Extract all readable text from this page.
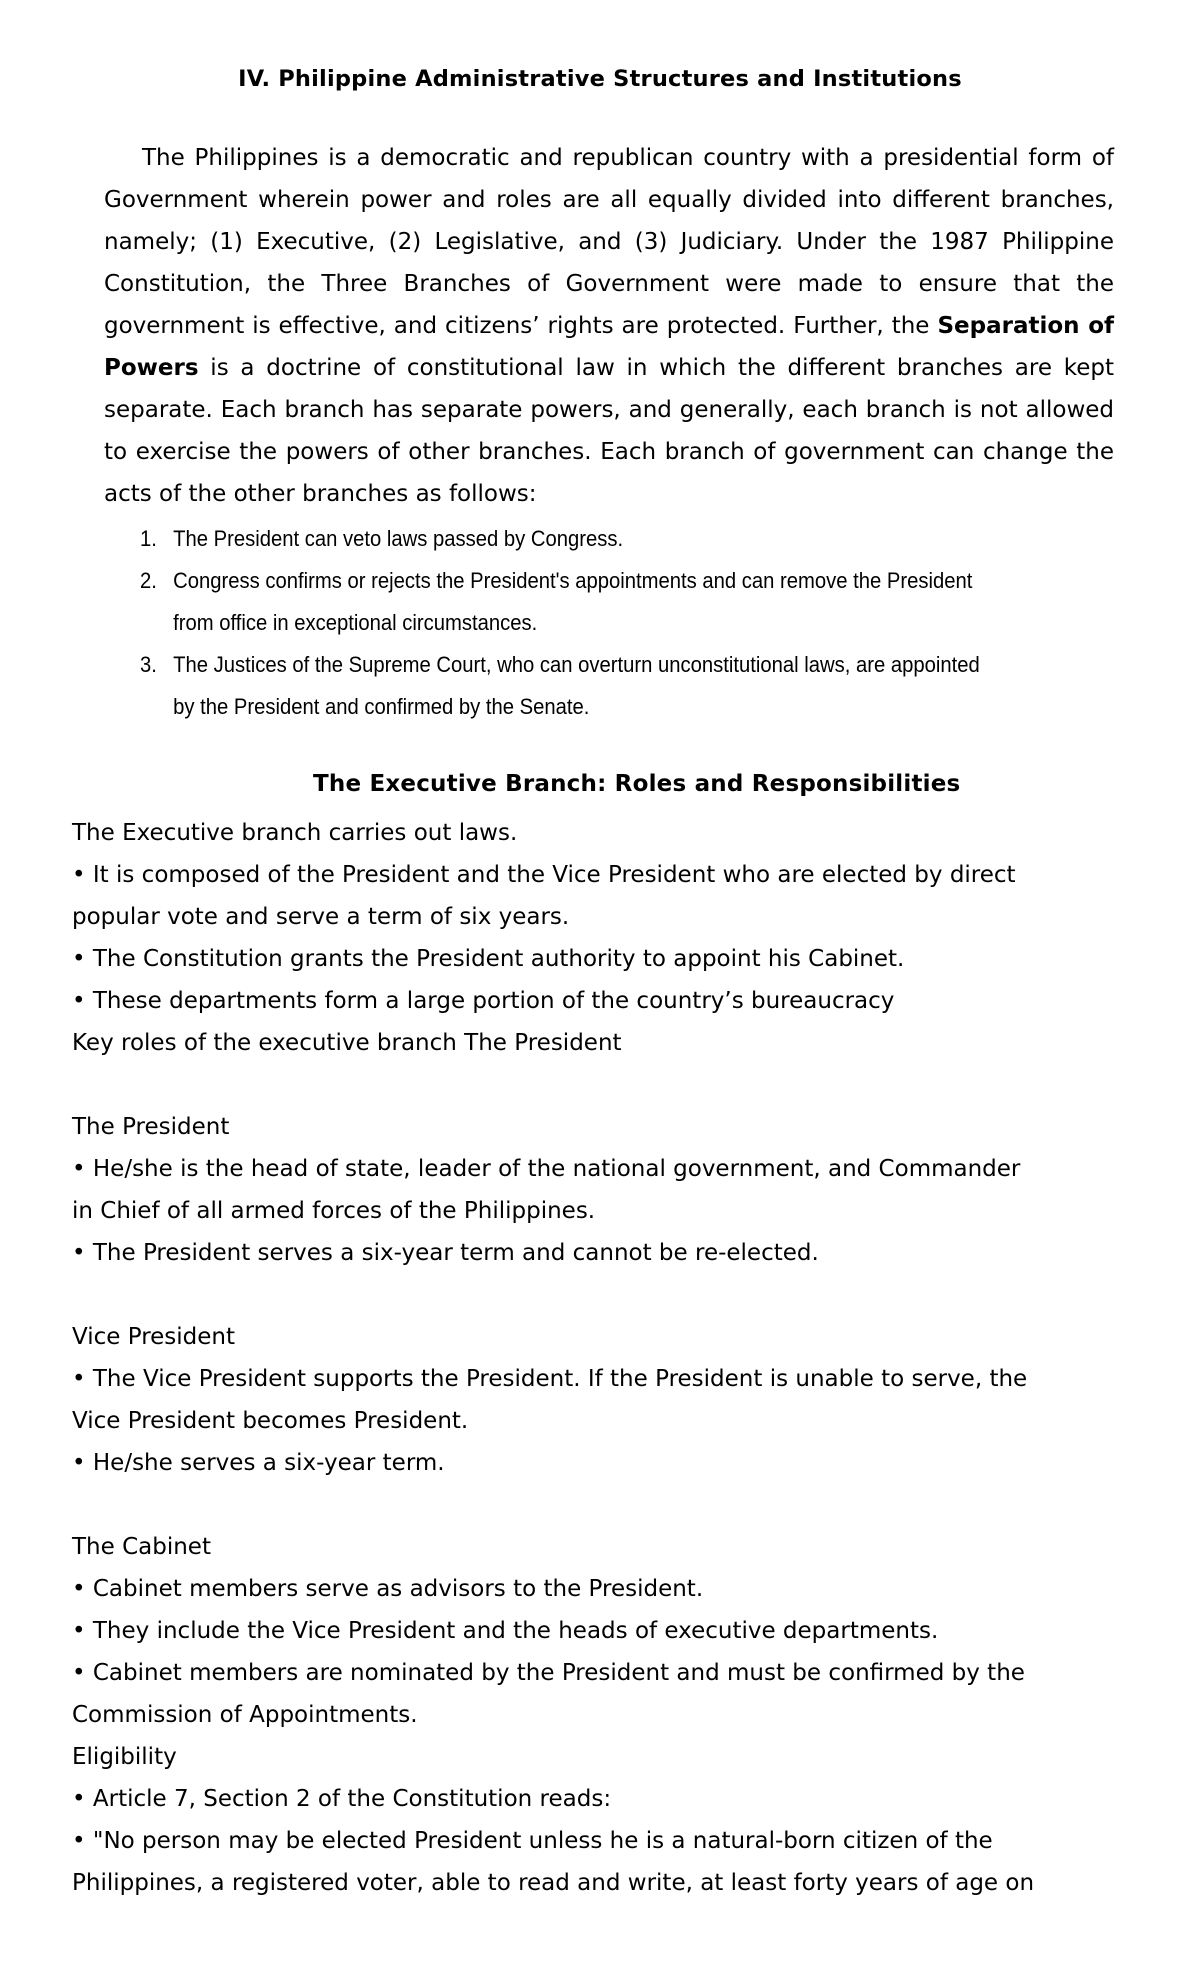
IV. Philippine Administrative Structures and Institutions

The Philippines is a democratic and republican country with a presidential form of Government wherein power and roles are all equally divided into different branches, namely; (1) Executive, (2) Legislative, and (3) Judiciary. Under the 1987 Philippine Constitution, the Three Branches of Government were made to ensure that the government is effective, and citizens’ rights are protected. Further, the Separation of Powers is a doctrine of constitutional law in which the different branches are kept separate. Each branch has separate powers, and generally, each branch is not allowed to exercise the powers of other branches. Each branch of government can change the acts of the other branches as follows:

1. The President can veto laws passed by Congress.
2. Congress confirms or rejects the President's appointments and can remove the President from office in exceptional circumstances.
3. The Justices of the Supreme Court, who can overturn unconstitutional laws, are appointed by the President and confirmed by the Senate.
The Executive Branch: Roles and Responsibilities

The Executive branch carries out laws.

• It is composed of the President and the Vice President who are elected by direct

popular vote and serve a term of six years.

• The Constitution grants the President authority to appoint his Cabinet.

• These departments form a large portion of the country’s bureaucracy

Key roles of the executive branch The President

The President

• He/she is the head of state, leader of the national government, and Commander

in Chief of all armed forces of the Philippines.

• The President serves a six-year term and cannot be re-elected.

Vice President

• The Vice President supports the President. If the President is unable to serve, the

Vice President becomes President.

• He/she serves a six-year term.

The Cabinet

• Cabinet members serve as advisors to the President.

• They include the Vice President and the heads of executive departments.

• Cabinet members are nominated by the President and must be confirmed by the

Commission of Appointments.

Eligibility

• Article 7, Section 2 of the Constitution reads:

• "No person may be elected President unless he is a natural-born citizen of the

Philippines, a registered voter, able to read and write, at least forty years of age on
